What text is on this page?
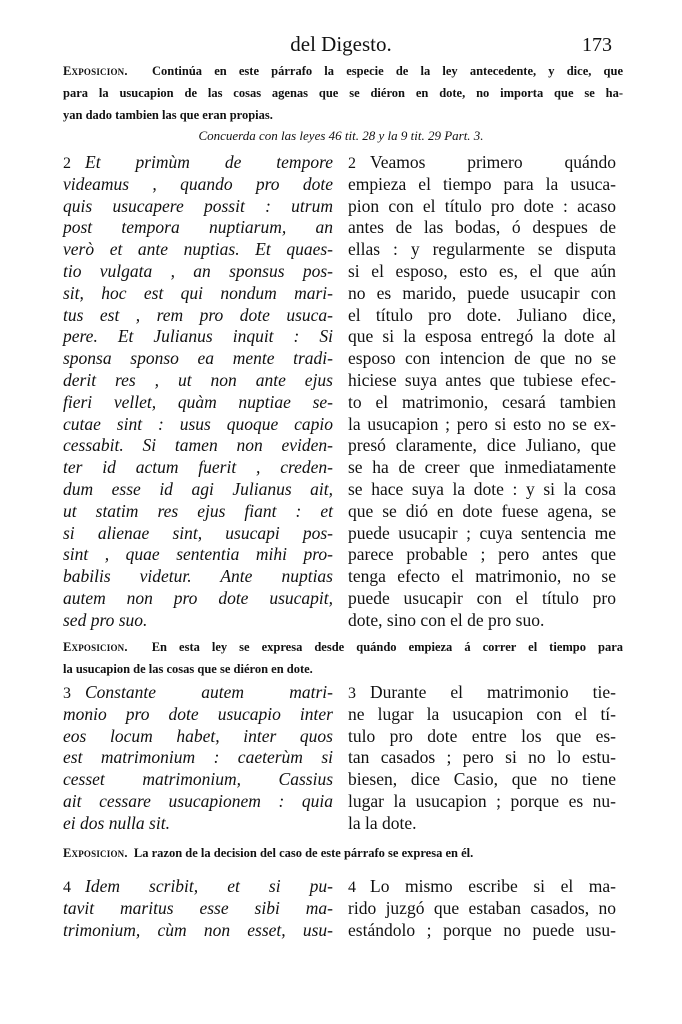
del Digesto.	173
Exposicion. Continúa en este párrafo la especie de la ley antecedente, y dice, que
para la usucapion de las cosas agenas que se diéron en dote, no importa que se ha-
yan dado tambien las que eran propias.
Concuerda con las leyes 46 tit. 28 y la 9 tit. 29 Part. 3.
2 Et primùm de tempore
videamus , quando pro dote
quis usucapere possit : utrum
post tempora nuptiarum, an
verò et ante nuptias. Et quaes-
tio vulgata , an sponsus pos-
sit, hoc est qui nondum mari-
tus est , rem pro dote usuca-
pere. Et Julianus inquit : Si
sponsa sponso ea mente tradi-
derit res , ut non ante ejus
fieri vellet, quàm nuptiae se-
cutae sint : usus quoque capio
cessabit. Si tamen non eviden-
ter id actum fuerit , creden-
dum esse id agi Julianus ait,
ut statim res ejus fiant : et
si alienae sint, usucapi pos-
sint , quae sententia mihi pro-
babilis videtur. Ante nuptias
autem non pro dote usucapit,
sed pro suo.
2 Veamos primero quándo
empieza el tiempo para la usuca-
pion con el título pro dote : acaso
antes de las bodas, ó despues de
ellas : y regularmente se disputa
si el esposo, esto es, el que aún
no es marido, puede usucapir con
el título pro dote. Juliano dice,
que si la esposa entregó la dote al
esposo con intencion de que no se
hiciese suya antes que tubiese efec-
to el matrimonio, cesará tambien
la usucapion ; pero si esto no se ex-
presó claramente, dice Juliano, que
se ha de creer que inmediatamente
se hace suya la dote : y si la cosa
que se dió en dote fuese agena, se
puede usucapir ; cuya sentencia me
parece probable ; pero antes que
tenga efecto el matrimonio, no se
puede usucapir con el título pro
dote, sino con el de pro suo.
Exposicion. En esta ley se expresa desde quándo empieza á correr el tiempo para
la usucapion de las cosas que se diéron en dote.
3 Constante autem matri-
monio pro dote usucapio inter
eos locum habet, inter quos
est matrimonium : caeterùm si
cesset matrimonium, Cassius
ait cessare usucapionem : quia
ei dos nulla sit.
3 Durante el matrimonio tie-
ne lugar la usucapion con el tí-
tulo pro dote entre los que es-
tan casados ; pero si no lo estu-
biesen, dice Casio, que no tiene
lugar la usucapion ; porque es nu-
la la dote.
Exposicion. La razon de la decision del caso de este párrafo se expresa en él.
4 Idem scribit, et si pu-
tavit maritus esse sibi ma-
trimonium, cùm non esset, usu-
4 Lo mismo escribe si el ma-
rido juzgó que estaban casados, no
estándolo ; porque no puede usu-
